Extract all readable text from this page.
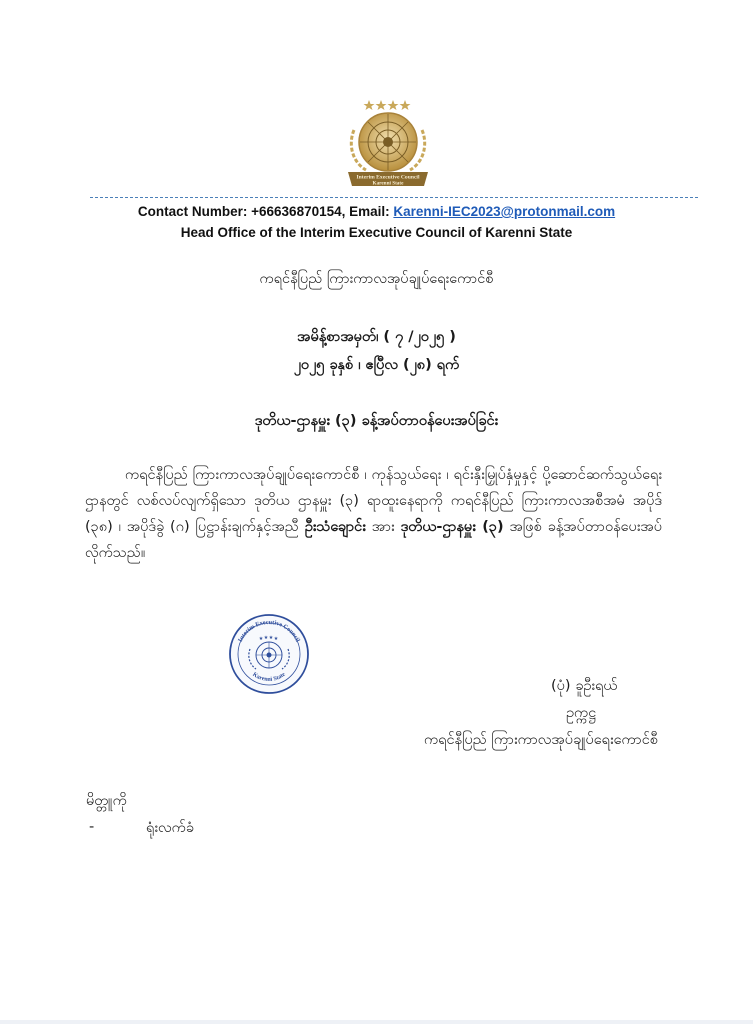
Interim Executive Council
Karenni State
Contact Number: +66636870154, Email: Karenni-IEC2023@protonmail.com
Head Office of the Interim Executive Council of Karenni State
ကရင်နီပြည် ကြားကာလအုပ်ချုပ်ရေးကောင်စီ
အမိန့်စာအမှတ်၊ ( ၇ /၂၀၂၅ )
၂၀၂၅ ခုနှစ် ၊ ဧပြီလ (၂၈) ရက်
ဒုတိယ-ဌာနမှူး (၃) ခန့်အပ်တာဝန်ပေးအပ်ခြင်း
ကရင်နီပြည် ကြားကာလအုပ်ချုပ်ရေးကောင်စီ ၊ ကုန်သွယ်ရေး ၊ ရင်းနှီးမြှုပ်နှံမှုနှင့် ပို့ဆောင်ဆက်သွယ်ရေးဌာနတွင် လစ်လပ်လျက်ရှိသော ဒုတိယ ဌာနမှူး (၃) ရာထူးနေရာကို ကရင်နီပြည် ကြားကာလအစီအမံ အပိုဒ် (၃၈) ၊ အပိုဒ်ခွဲ (ဂ) ပြဋ္ဌာန်းချက်နှင့်အညီ ဦးသံချောင်း အား ဒုတိယ-ဌာနမှူး (၃) အဖြစ် ခန့်အပ်တာဝန်ပေးအပ်လိုက်သည်။
Interim Executive Council
Karenni State
★ ★ ★ ★
(ပုံ) ခူဦးရယ်
ဥက္ကဋ္ဌ
ကရင်နီပြည် ကြားကာလအုပ်ချုပ်ရေးကောင်စီ
မိတ္တူကို
-	ရုံးလက်ခံ
